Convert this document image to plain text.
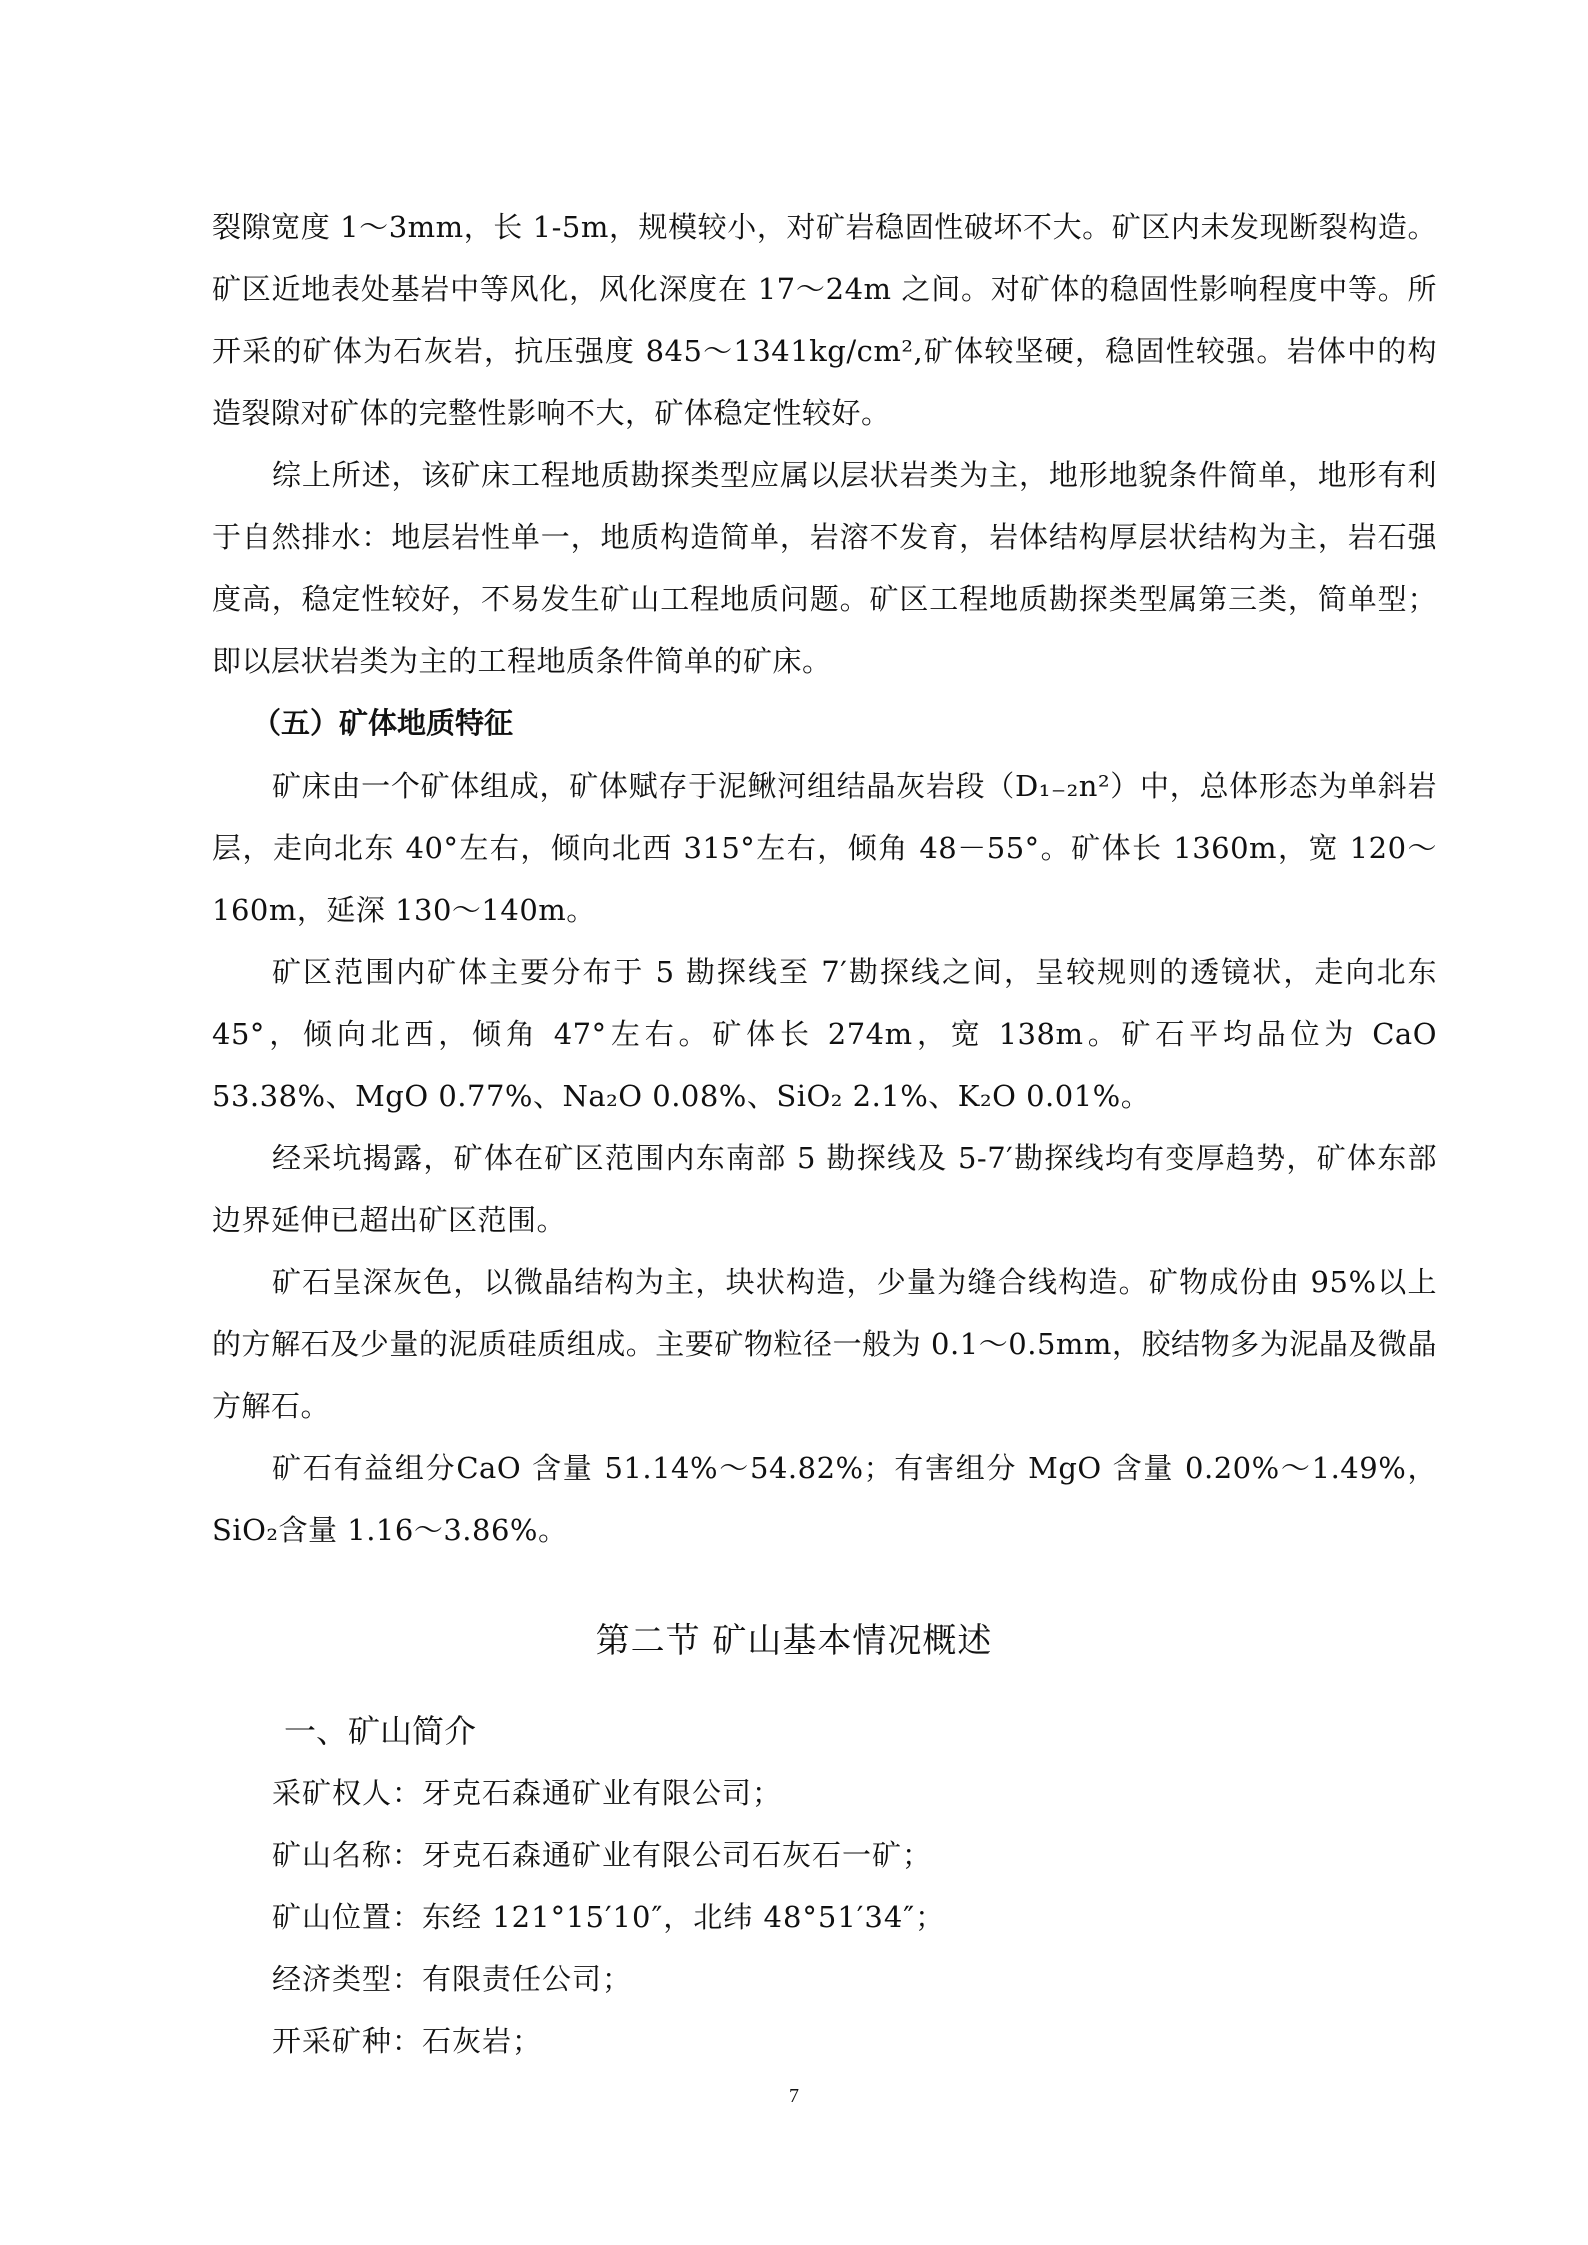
裂隙宽度 1～3mm，长 1-5m，规模较小，对矿岩稳固性破坏不大。矿区内未发现断裂构造。矿区近地表处基岩中等风化，风化深度在 17～24m 之间。对矿体的稳固性影响程度中等。所开采的矿体为石灰岩，抗压强度 845～1341kg/cm²,矿体较坚硬，稳固性较强。岩体中的构造裂隙对矿体的完整性影响不大，矿体稳定性较好。

综上所述，该矿床工程地质勘探类型应属以层状岩类为主，地形地貌条件简单，地形有利于自然排水：地层岩性单一，地质构造简单，岩溶不发育，岩体结构厚层状结构为主，岩石强度高，稳定性较好，不易发生矿山工程地质问题。矿区工程地质勘探类型属第三类，简单型；即以层状岩类为主的工程地质条件简单的矿床。

（五）矿体地质特征

矿床由一个矿体组成，矿体赋存于泥鳅河组结晶灰岩段（D₁₋₂n²）中，总体形态为单斜岩层，走向北东 40°左右，倾向北西 315°左右，倾角 48－55°。矿体长 1360m，宽 120～160m，延深 130～140m。

矿区范围内矿体主要分布于 5 勘探线至 7′勘探线之间，呈较规则的透镜状，走向北东 45°，倾向北西，倾角 47°左右。矿体长 274m，宽 138m。矿石平均品位为 CaO 53.38%、MgO 0.77%、Na₂O 0.08%、SiO₂ 2.1%、K₂O 0.01%。

经采坑揭露，矿体在矿区范围内东南部 5 勘探线及 5-7′勘探线均有变厚趋势，矿体东部边界延伸已超出矿区范围。

矿石呈深灰色，以微晶结构为主，块状构造，少量为缝合线构造。矿物成份由 95%以上的方解石及少量的泥质硅质组成。主要矿物粒径一般为 0.1～0.5mm，胶结物多为泥晶及微晶方解石。

矿石有益组分CaO 含量 51.14%～54.82%；有害组分 MgO 含量 0.20%～1.49%，SiO₂含量 1.16～3.86%。

第二节 矿山基本情况概述
一、矿山简介
采矿权人：牙克石森通矿业有限公司；
矿山名称：牙克石森通矿业有限公司石灰石一矿；
矿山位置：东经 121°15′10″，北纬 48°51′34″；
经济类型：有限责任公司；
开采矿种：石灰岩；
7
